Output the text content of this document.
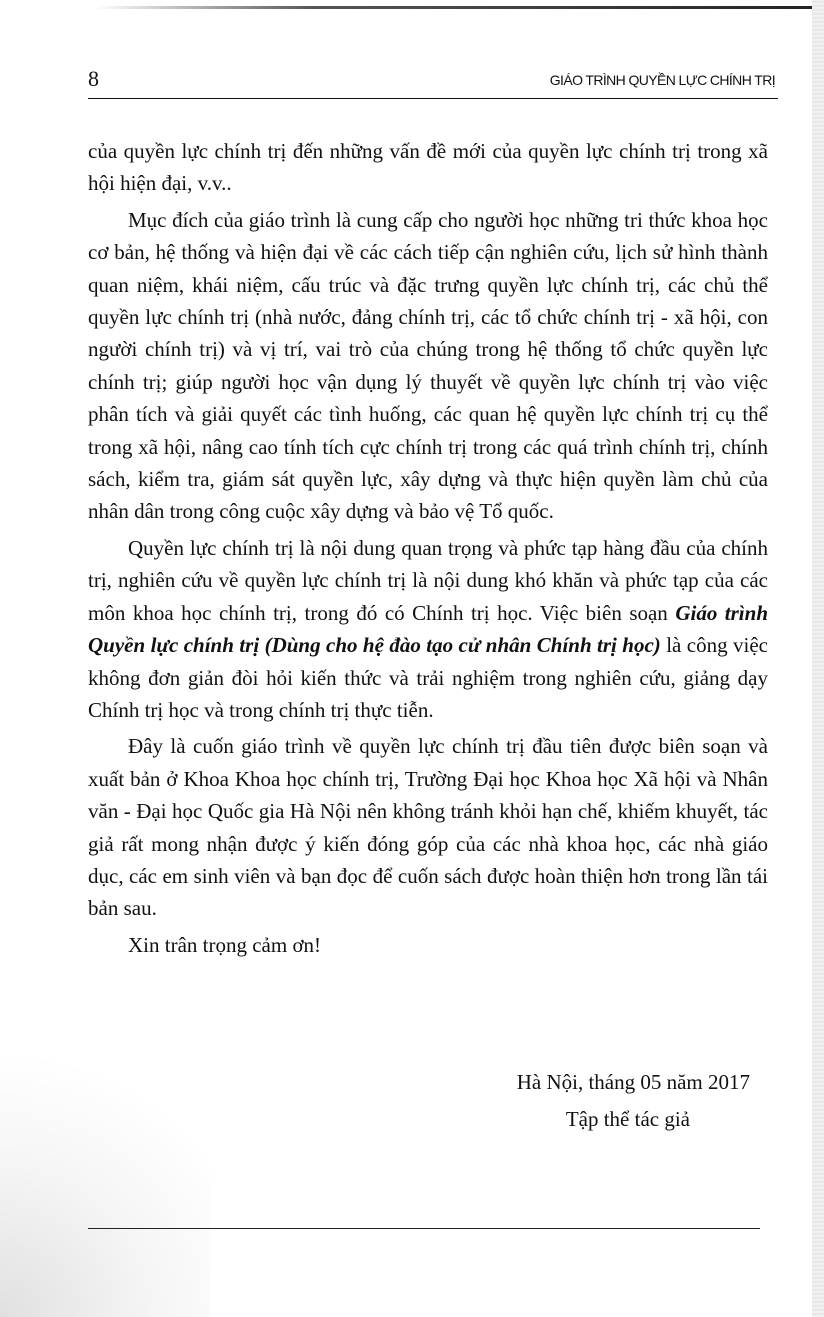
8	GIÁO TRÌNH QUYỀN LỰC CHÍNH TRỊ

của quyền lực chính trị đến những vấn đề mới của quyền lực chính trị trong xã hội hiện đại, v.v..

Mục đích của giáo trình là cung cấp cho người học những tri thức khoa học cơ bản, hệ thống và hiện đại về các cách tiếp cận nghiên cứu, lịch sử hình thành quan niệm, khái niệm, cấu trúc và đặc trưng quyền lực chính trị, các chủ thể quyền lực chính trị (nhà nước, đảng chính trị, các tổ chức chính trị - xã hội, con người chính trị) và vị trí, vai trò của chúng trong hệ thống tổ chức quyền lực chính trị; giúp người học vận dụng lý thuyết về quyền lực chính trị vào việc phân tích và giải quyết các tình huống, các quan hệ quyền lực chính trị cụ thể trong xã hội, nâng cao tính tích cực chính trị trong các quá trình chính trị, chính sách, kiểm tra, giám sát quyền lực, xây dựng và thực hiện quyền làm chủ của nhân dân trong công cuộc xây dựng và bảo vệ Tổ quốc.

Quyền lực chính trị là nội dung quan trọng và phức tạp hàng đầu của chính trị, nghiên cứu về quyền lực chính trị là nội dung khó khăn và phức tạp của các môn khoa học chính trị, trong đó có Chính trị học. Việc biên soạn Giáo trình Quyền lực chính trị (Dùng cho hệ đào tạo cử nhân Chính trị học) là công việc không đơn giản đòi hỏi kiến thức và trải nghiệm trong nghiên cứu, giảng dạy Chính trị học và trong chính trị thực tiễn.

Đây là cuốn giáo trình về quyền lực chính trị đầu tiên được biên soạn và xuất bản ở Khoa Khoa học chính trị, Trường Đại học Khoa học Xã hội và Nhân văn - Đại học Quốc gia Hà Nội nên không tránh khỏi hạn chế, khiếm khuyết, tác giả rất mong nhận được ý kiến đóng góp của các nhà khoa học, các nhà giáo dục, các em sinh viên và bạn đọc để cuốn sách được hoàn thiện hơn trong lần tái bản sau.

Xin trân trọng cảm ơn!

Hà Nội, tháng 05 năm 2017
Tập thể tác giả
